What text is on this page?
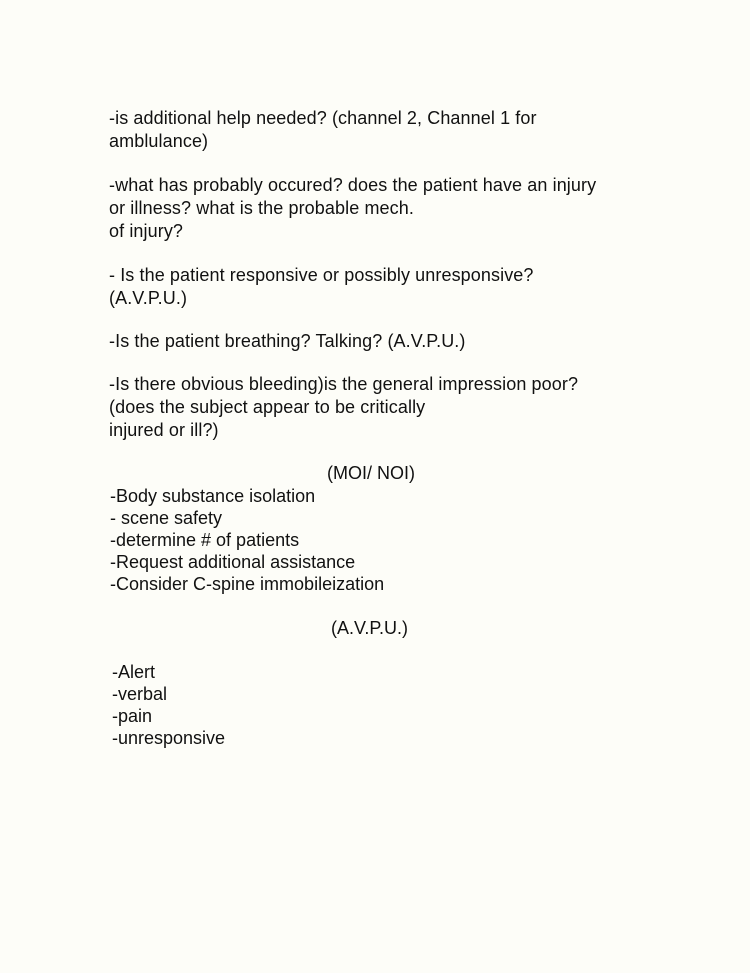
-is additional help needed? (channel 2, Channel 1 for
amblulance)
-what has probably occured? does the patient have an injury
or illness? what is the probable mech.
of injury?
- Is the patient responsive or possibly unresponsive?
(A.V.P.U.)
-Is the patient breathing? Talking? (A.V.P.U.)
-Is there obvious bleeding)is the general impression poor?
(does the subject appear to be critically
injured or ill?)
(MOI/ NOI)
-Body substance isolation
- scene safety
-determine # of patients
-Request additional assistance
-Consider C-spine immobileization
(A.V.P.U.)
-Alert
-verbal
-pain
-unresponsive
